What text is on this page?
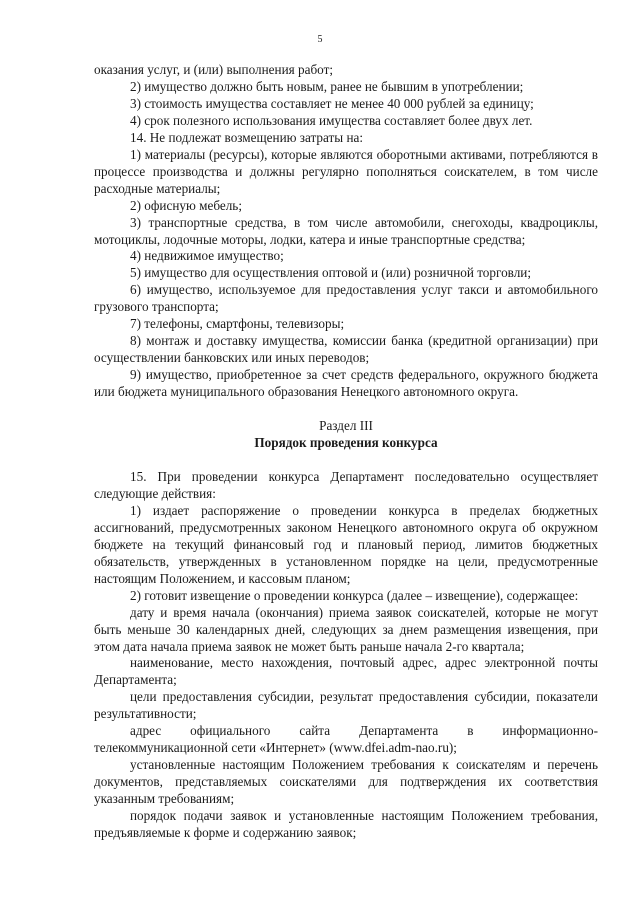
5

оказания услуг, и (или) выполнения работ;

2) имущество должно быть новым, ранее не бывшим в употреблении;

3) стоимость имущества составляет не менее 40 000 рублей за единицу;

4) срок полезного использования имущества составляет более двух лет.

14. Не подлежат возмещению затраты на:

1) материалы (ресурсы), которые являются оборотными активами, потребляются в процессе производства и должны регулярно пополняться соискателем, в том числе расходные материалы;

2) офисную мебель;

3) транспортные средства, в том числе автомобили, снегоходы, квадроциклы, мотоциклы, лодочные моторы, лодки, катера и иные транспортные средства;

4) недвижимое имущество;

5) имущество для осуществления оптовой и (или) розничной торговли;

6) имущество, используемое для предоставления услуг такси и автомобильного грузового транспорта;

7) телефоны, смартфоны, телевизоры;

8) монтаж и доставку имущества, комиссии банка (кредитной организации) при осуществлении банковских или иных переводов;

9) имущество, приобретенное за счет средств федерального, окружного бюджета или бюджета муниципального образования Ненецкого автономного округа.

Раздел III
Порядок проведения конкурса

15. При проведении конкурса Департамент последовательно осуществляет следующие действия:

1) издает распоряжение о проведении конкурса в пределах бюджетных ассигнований, предусмотренных законом Ненецкого автономного округа об окружном бюджете на текущий финансовый год и плановый период, лимитов бюджетных обязательств, утвержденных в установленном порядке на цели, предусмотренные настоящим Положением, и кассовым планом;

2) готовит извещение о проведении конкурса (далее – извещение), содержащее:

дату и время начала (окончания) приема заявок соискателей, которые не могут быть меньше 30 календарных дней, следующих за днем размещения извещения, при этом дата начала приема заявок не может быть раньше начала 2-го квартала;

наименование, место нахождения, почтовый адрес, адрес электронной почты Департамента;

цели предоставления субсидии, результат предоставления субсидии, показатели результативности;

адрес официального сайта Департамента в информационно-телекоммуникационной сети «Интернет» (www.dfei.adm-nao.ru);

установленные настоящим Положением требования к соискателям и перечень документов, представляемых соискателями для подтверждения их соответствия указанным требованиям;

порядок подачи заявок и установленные настоящим Положением требования, предъявляемые к форме и содержанию заявок;
